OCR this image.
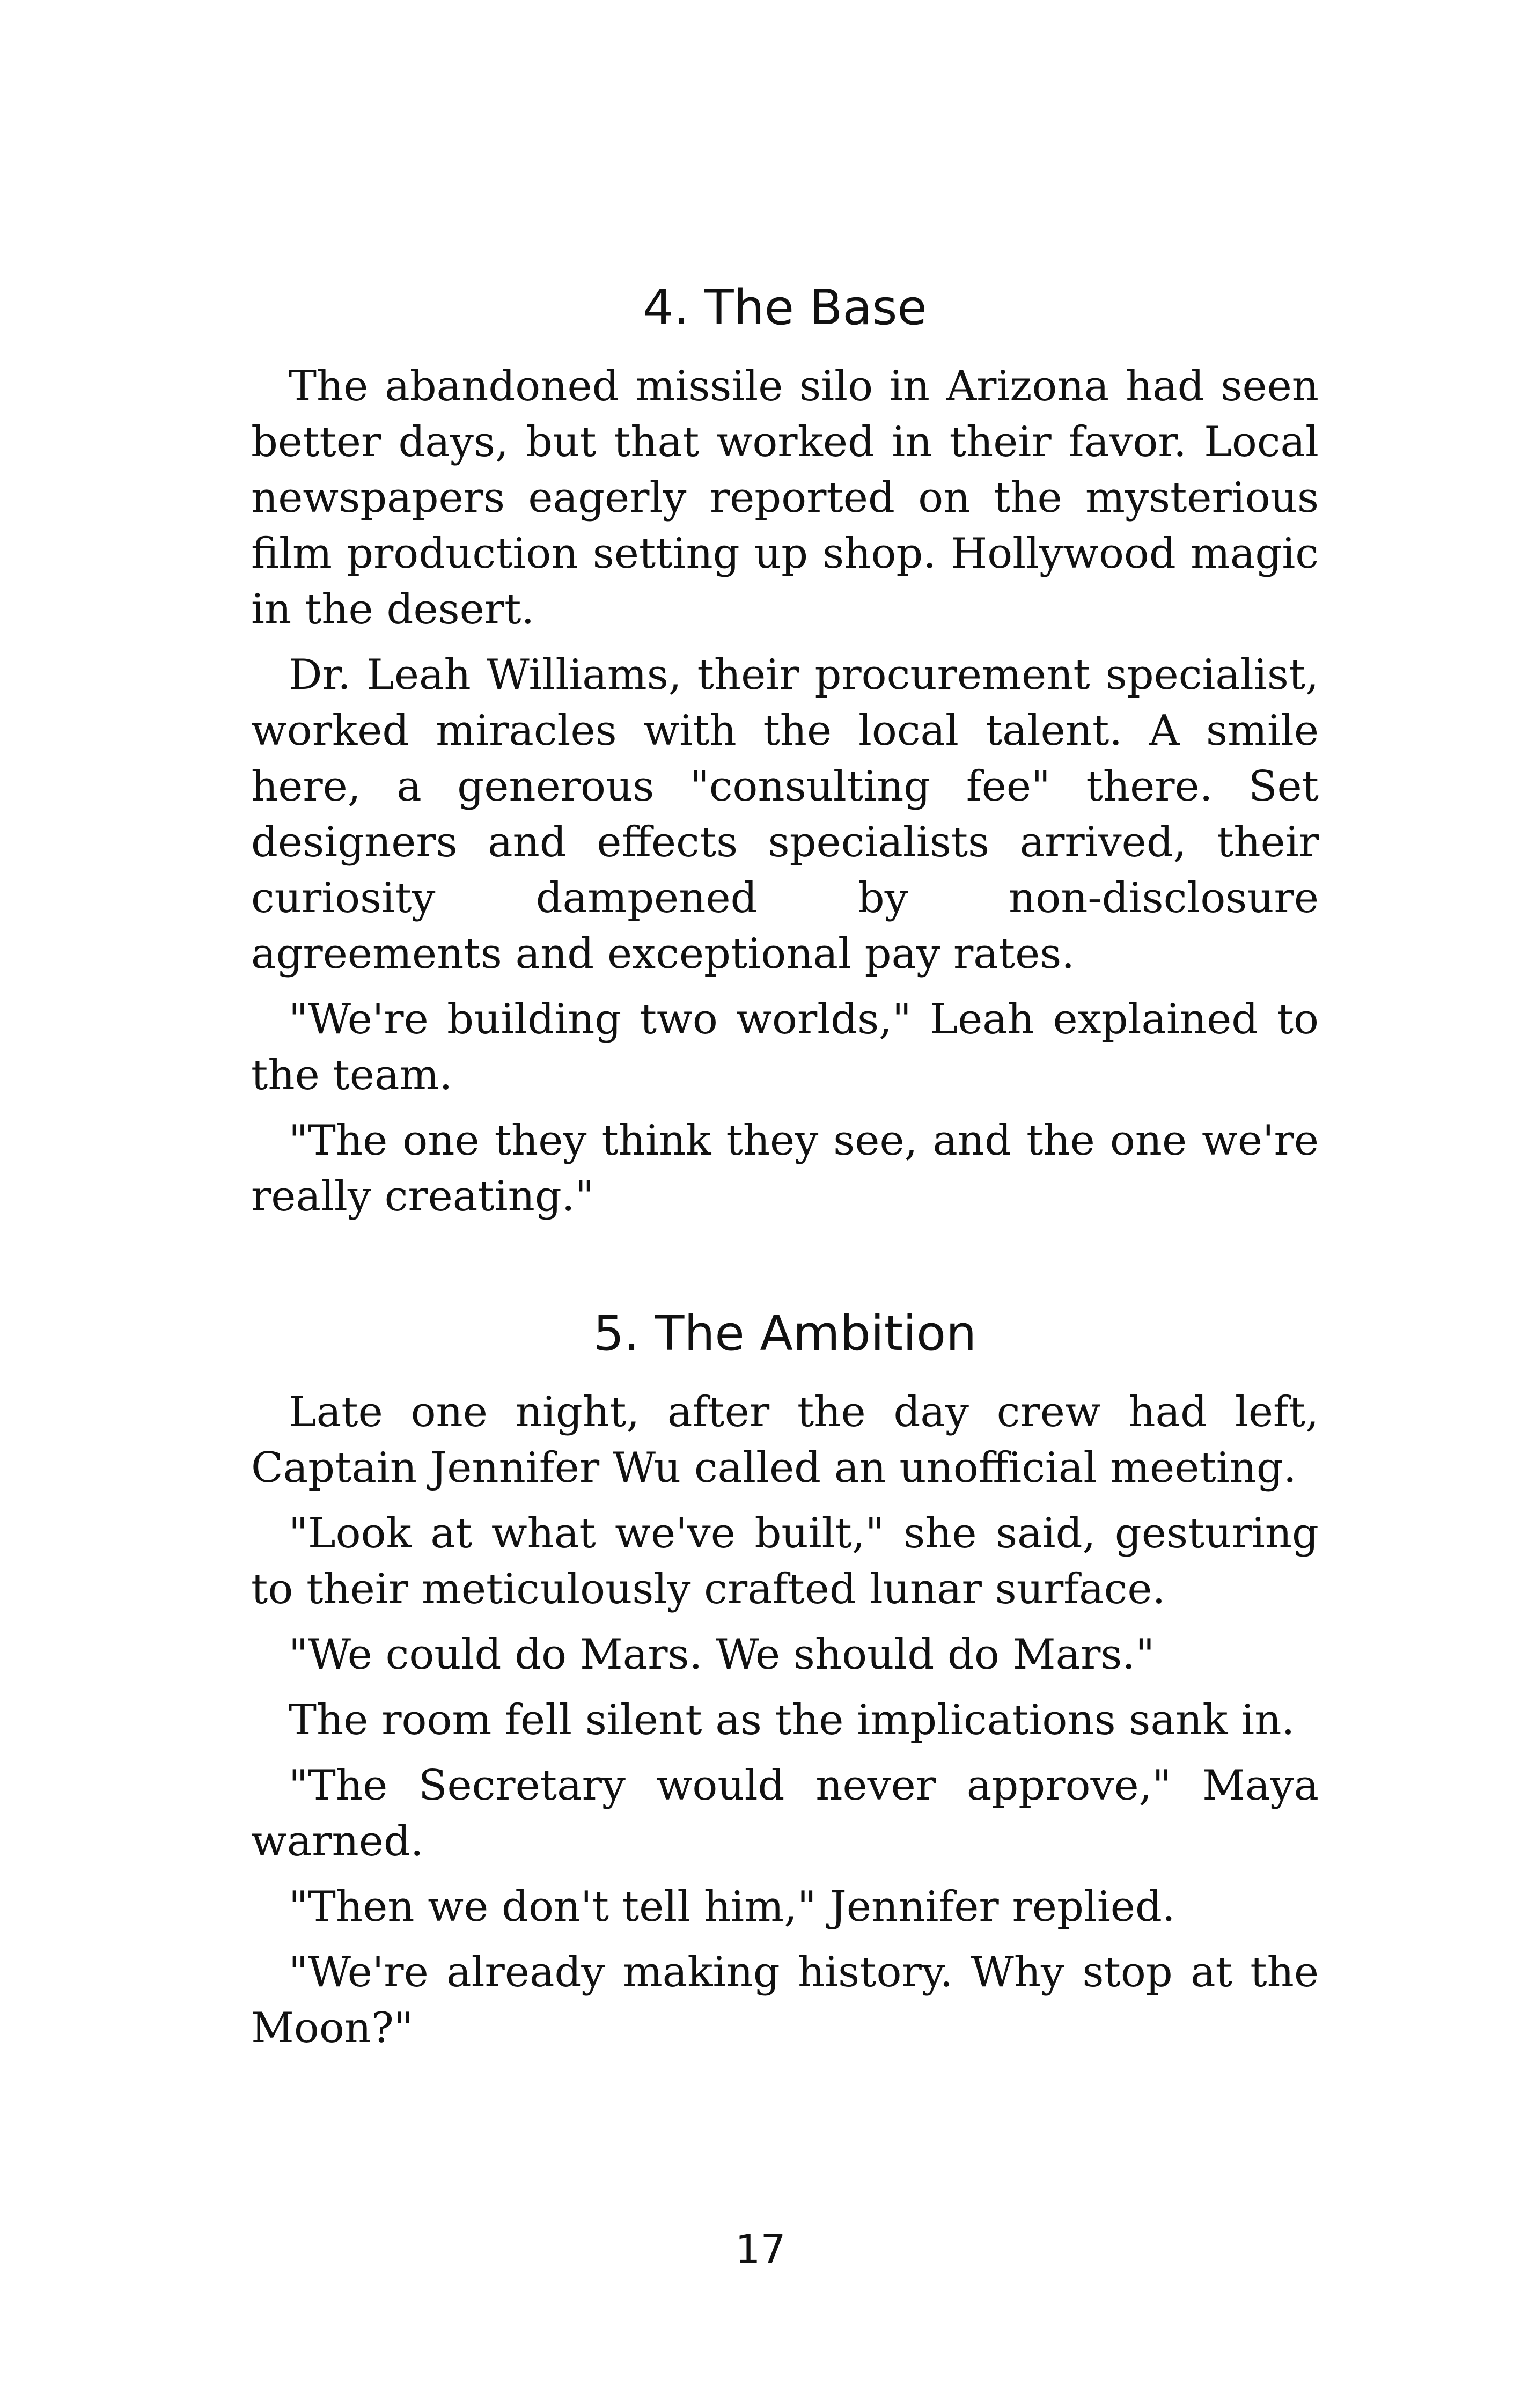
4. The Base

The abandoned missile silo in Arizona had seen better days, but that worked in their favor. Local newspapers eagerly reported on the mysterious film production setting up shop. Hollywood magic in the desert.

Dr. Leah Williams, their procurement specialist, worked miracles with the local talent. A smile here, a generous "consulting fee" there. Set designers and effects specialists arrived, their curiosity dampened by non-disclosure agreements and exceptional pay rates.

"We're building two worlds," Leah explained to the team.

"The one they think they see, and the one we're really creating."

5. The Ambition

Late one night, after the day crew had left, Captain Jennifer Wu called an unofficial meeting.

"Look at what we've built," she said, gesturing to their meticulously crafted lunar surface.

"We could do Mars. We should do Mars."

The room fell silent as the implications sank in.

"The Secretary would never approve," Maya warned.

"Then we don't tell him," Jennifer replied.

"We're already making history. Why stop at the Moon?"

17
